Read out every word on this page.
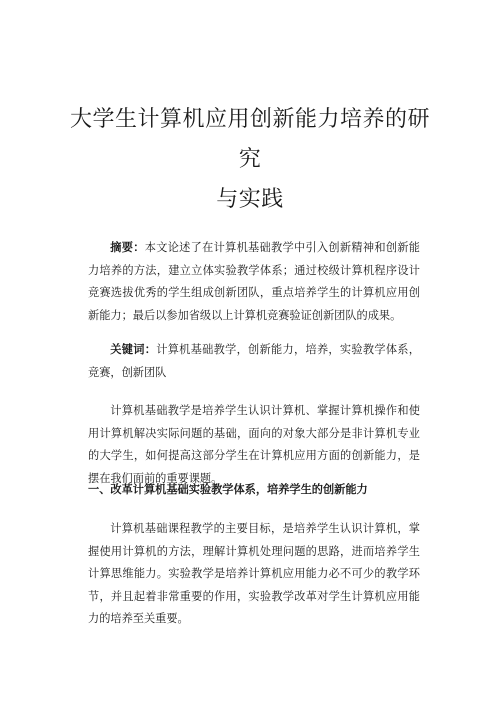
大学生计算机应用创新能力培养的研究
与实践

摘要：本文论述了在计算机基础教学中引入创新精神和创新能力培养的方法，建立立体实验教学体系；通过校级计算机程序设计竞赛选拔优秀的学生组成创新团队，重点培养学生的计算机应用创新能力；最后以参加省级以上计算机竞赛验证创新团队的成果。

关键词：计算机基础教学，创新能力，培养，实验教学体系，竞赛，创新团队

计算机基础教学是培养学生认识计算机、掌握计算机操作和使用计算机解决实际问题的基础，面向的对象大部分是非计算机专业的大学生，如何提高这部分学生在计算机应用方面的创新能力，是摆在我们面前的重要课题。

一、改革计算机基础实验教学体系，培养学生的创新能力

计算机基础课程教学的主要目标，是培养学生认识计算机，掌握使用计算机的方法，理解计算机处理问题的思路，进而培养学生计算思维能力。实验教学是培养计算机应用能力必不可少的教学环节，并且起着非常重要的作用，实验教学改革对学生计算机应用能力的培养至关重要。
